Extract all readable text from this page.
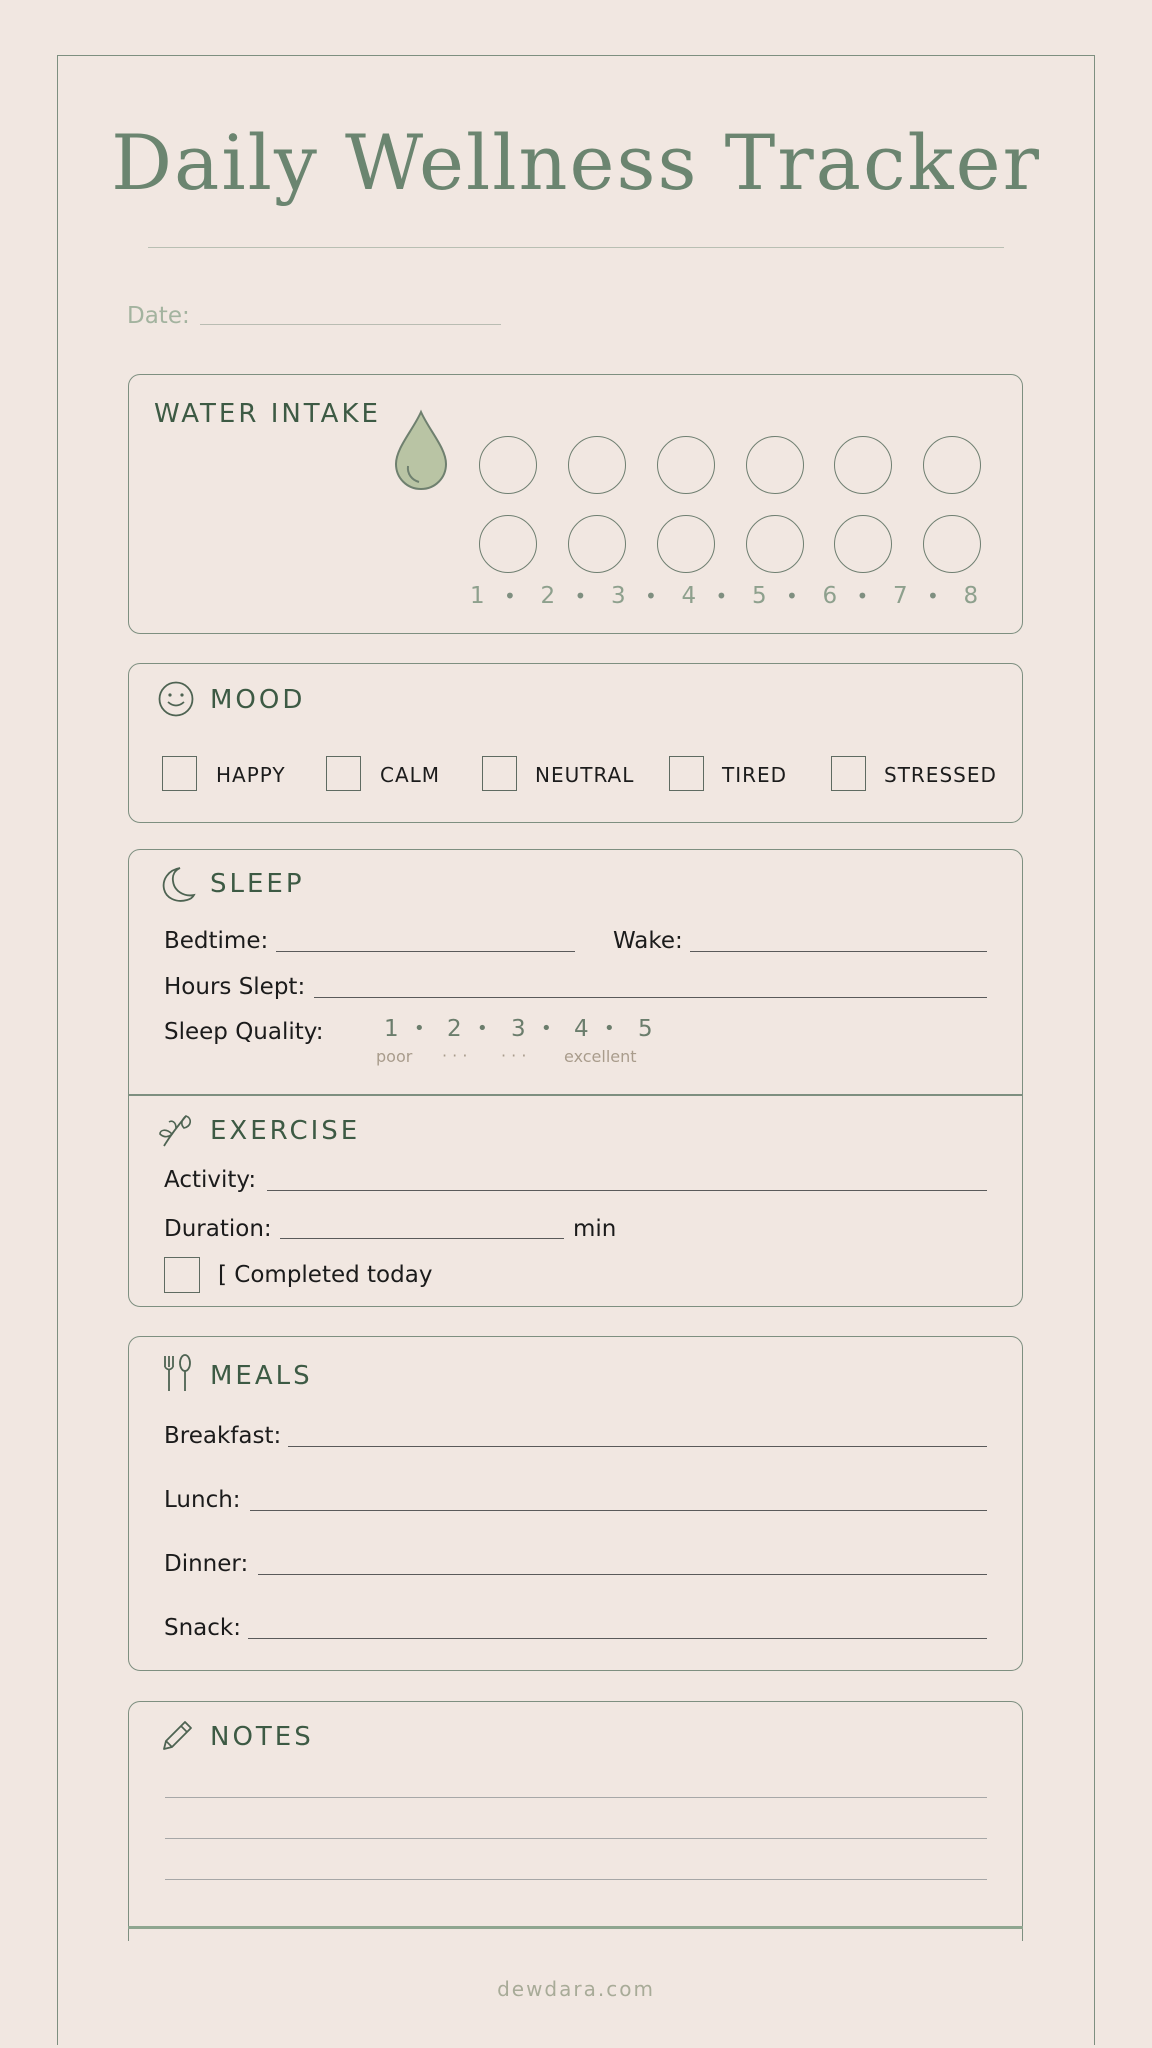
Daily Wellness Tracker
Date:
WATER INTAKE
1 • 2 • 3 • 4 • 5 • 6 • 7 • 8
MOOD
HAPPY	CALM	NEUTRAL	TIRED	STRESSED
SLEEP
Bedtime:	Wake:
Hours Slept:
Sleep Quality:	1 • 2 • 3 • 4 • 5
poor · · · · · · excellent
EXERCISE
Activity:
Duration:	min
[ Completed today
MEALS
Breakfast:
Lunch:
Dinner:
Snack:
NOTES
dewdara.com
